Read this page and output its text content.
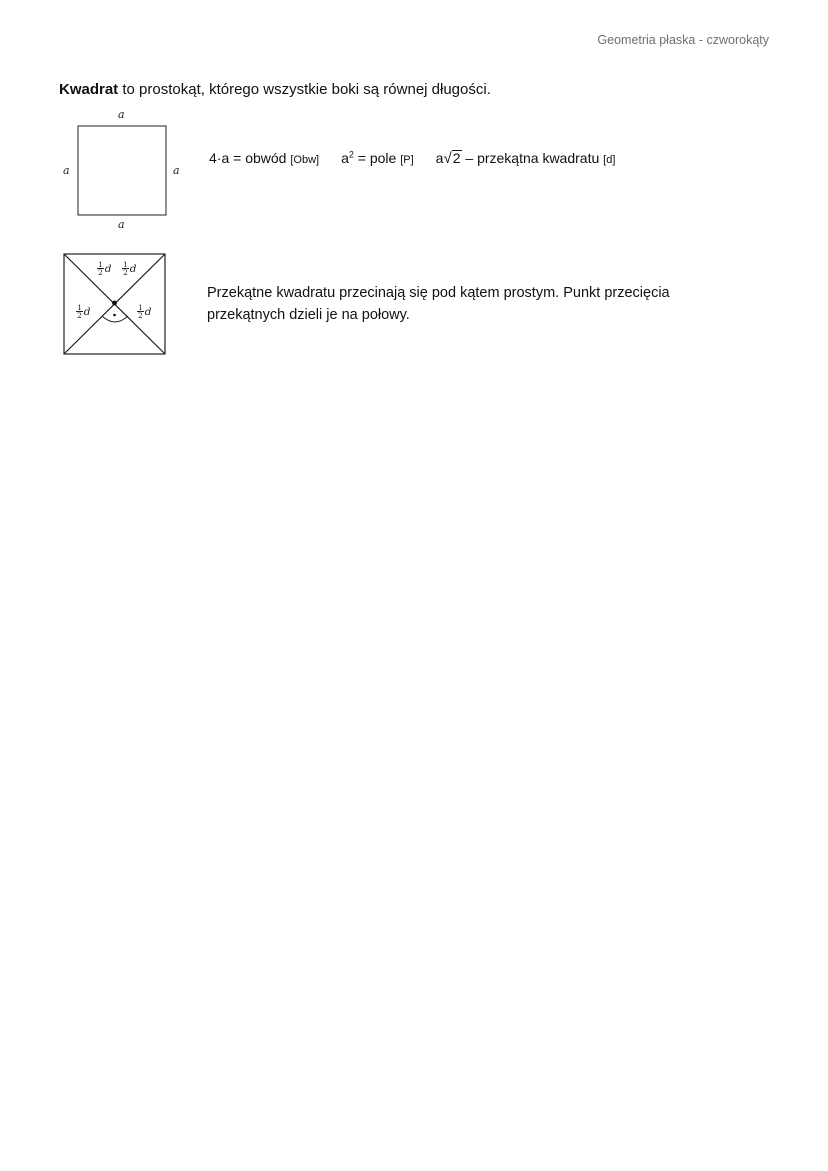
Geometria płaska - czworokąty
Kwadrat to prostokąt, którego wszystkie boki są równej długości.
a
a	a
a
4·a = obwód [Obw] $a^2$ = pole [P] a√2 – przekątna kwadratu [d]
1
2 d 1
2 d
1
2 d	1
2 d
Przekątne kwadratu przecinają się pod kątem prostym. Punkt przecięcia przekątnych dzieli je na połowy.
